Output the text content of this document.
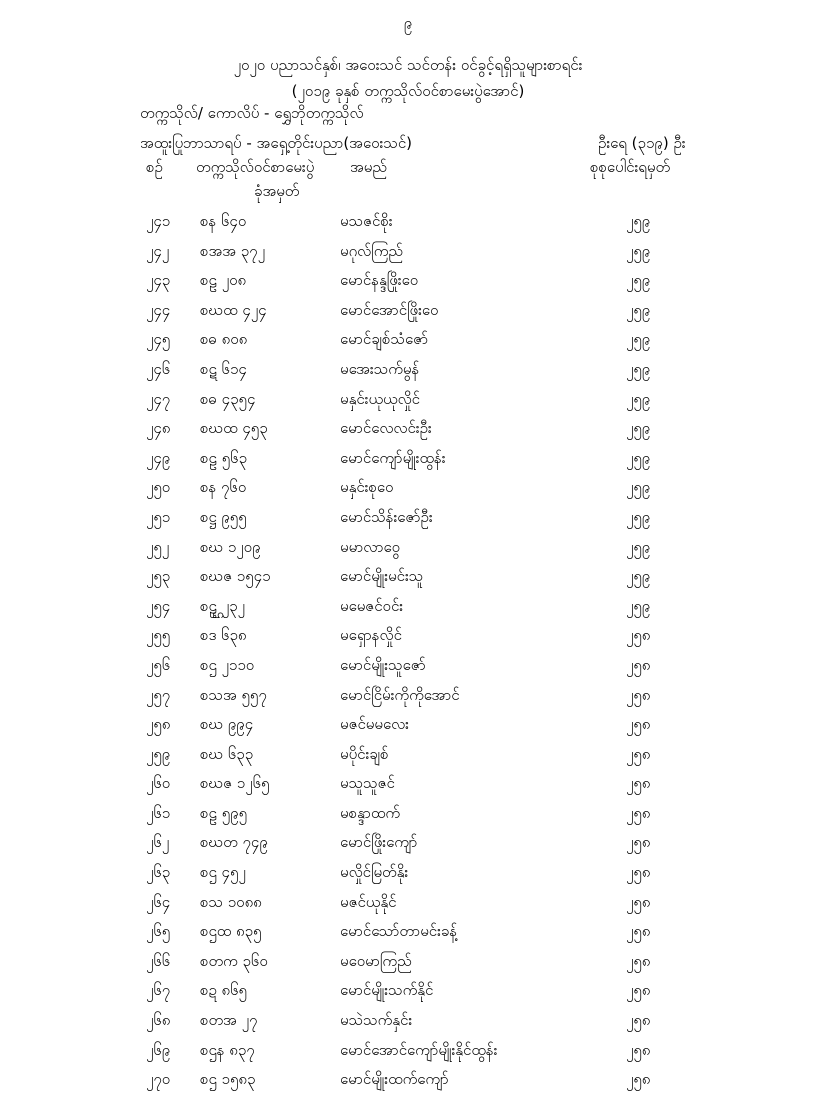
၉
၂၀၂၀ ပညာသင်နှစ်၊ အဝေးသင် သင်တန်း ဝင်ခွင့်ရရှိသူများစာရင်း
(၂၀၁၉ ခုနှစ် တက္ကသိုလ်ဝင်စာမေးပွဲအောင်)
တက္ကသိုလ်/ ကောလိပ် - ရွှေဘိုတက္ကသိုလ်
အထူးပြုဘာသာရပ် - အရှေ့တိုင်းပညာ(အဝေးသင်)	ဦးရေ (၃၁၉) ဦး
စဉ် တက္ကသိုလ်ဝင်စာမေးပွဲ
ခုံအမှတ်
အမည်	စုစုပေါင်းရမှတ်
၂၄၁ စန ၆၄၀	မသဇင်စိုး	၂၅၉
၂၄၂ စအအ ၃၇၂	မဂုလ်ကြည်	၂၅၉
၂၄၃ စဠ ၂၀၈	မောင်နန္ဒဖြိုးဝေ	၂၅၉
၂၄၄ စဃထ ၄၂၄	မောင်အောင်ဖြိုးဝေ	၂၅၉
၂၄၅ စဓ ၈၀၈	မောင်ချစ်သံဇော်	၂၅၉
၂၄၆ စဋ ၆၁၄	မအေးသက်မွန်	၂၅၉
၂၄၇ စဓ ၄၃၅၄	မနှင်းယုယုလှိုင်	၂၅၉
၂၄၈ စဃထ ၄၅၃	မောင်လေလင်းဦး	၂၅၉
၂၄၉ စဠ ၅၆၃	မောင်ကျော်မျိုးထွန်း	၂၅၉
၂၅၀ စန ၇၆၀	မနှင်းစုဝေ	၂၅၉
၂၅၁ စဋ္ဌ ၉၅၅	မောင်သိန်းဇော်ဦး	၂၅၉
၂၅၂ စဃ ၁၂၀၉	မမာလာဝွေ	၂၅၉
၂၅၃ စဃဇ ၁၅၄၁	မောင်မျိုးမင်းသူ	၂၅၉
၂၅၄ စဠ္ဌ ၂၃၂	မမေဇင်ဝင်း	၂၅၉
၂၅၅ စဒ ၆၃၈	မရှောနလှိုင်	၂၅၈
၂၅၆ စဌ ၂၁၁၀	မောင်မျိုးသူဇော်	၂၅၈
၂၅၇ စသအ ၅၅၇	မောင်ငြိမ်းကိုကိုအောင်	၂၅၈
၂၅၈ စဃ ၉၉၄	မဇင်မမလေး	၂၅၈
၂၅၉ စဃ ၆၃၃	မပိုင်းချစ်	၂၅၈
၂၆၀ စဃဇ ၁၂၆၅	မသူသူဇင်	၂၅၈
၂၆၁ စဠ ၅၉၅	မစန္ဒာထက်	၂၅၈
၂၆၂ စဃတ ၇၄၉	မောင်ဖြိုးကျော်	၂၅၈
၂၆၃ စဌ ၄၅၂	မလှိုင်မြတ်နိုး	၂၅၈
၂၆၄ စသ ၁၀၈၈	မဇင်ယုနိုင်	၂၅၈
၂၆၅ စဌထ ၈၃၅	မောင်သော်တာမင်းခန့်	၂၅၈
၂၆၆ စတက ၃၆၀	မဝေမာကြည်	၂၅၈
၂၆၇ စဍ ၈၆၅	မောင်မျိုးသက်နိုင်	၂၅၈
၂၆၈ စတအ ၂၇	မသဲသက်နှင်း	၂၅၈
၂၆၉ စဌန ၈၃၇	မောင်အောင်ကျော်မျိုးနိုင်ထွန်း	၂၅၈
၂၇၀ စဌ ၁၅၈၃	မောင်မျိုးထက်ကျော်	၂၅၈
